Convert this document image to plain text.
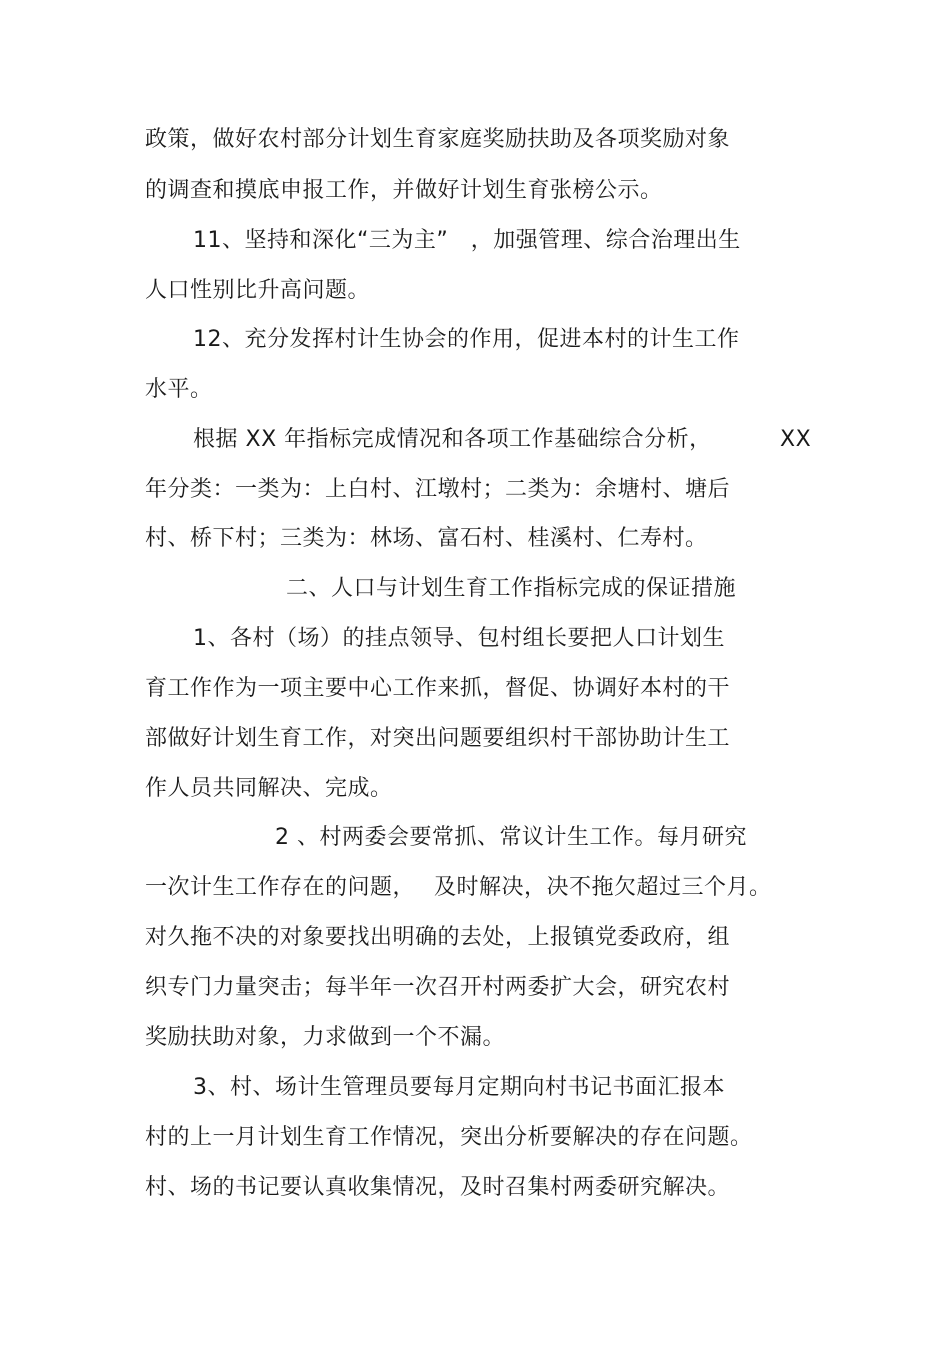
政策，做好农村部分计划生育家庭奖励扶助及各项奖励对象
的调查和摸底申报工作，并做好计划生育张榜公示。
11、坚持和深化“三为主”　，加强管理、综合治理出生
人口性别比升高问题。
12、充分发挥村计生协会的作用，促进本村的计生工作
水平。
根据 XX 年指标完成情况和各项工作基础综合分析，	XX
年分类：一类为：上白村、江墩村；二类为：余塘村、塘后
村、桥下村；三类为：林场、富石村、桂溪村、仁寿村。
二、人口与计划生育工作指标完成的保证措施
1、各村（场）的挂点领导、包村组长要把人口计划生
育工作作为一项主要中心工作来抓，督促、协调好本村的干
部做好计划生育工作，对突出问题要组织村干部协助计生工
作人员共同解决、完成。
2 、村两委会要常抓、常议计生工作。每月研究
一次计生工作存在的问题，　 及时解决，决不拖欠超过三个月。
对久拖不决的对象要找出明确的去处，上报镇党委政府，组
织专门力量突击；每半年一次召开村两委扩大会，研究农村
奖励扶助对象，力求做到一个不漏。
3、村、场计生管理员要每月定期向村书记书面汇报本
村的上一月计划生育工作情况，突出分析要解决的存在问题。
村、场的书记要认真收集情况，及时召集村两委研究解决。
